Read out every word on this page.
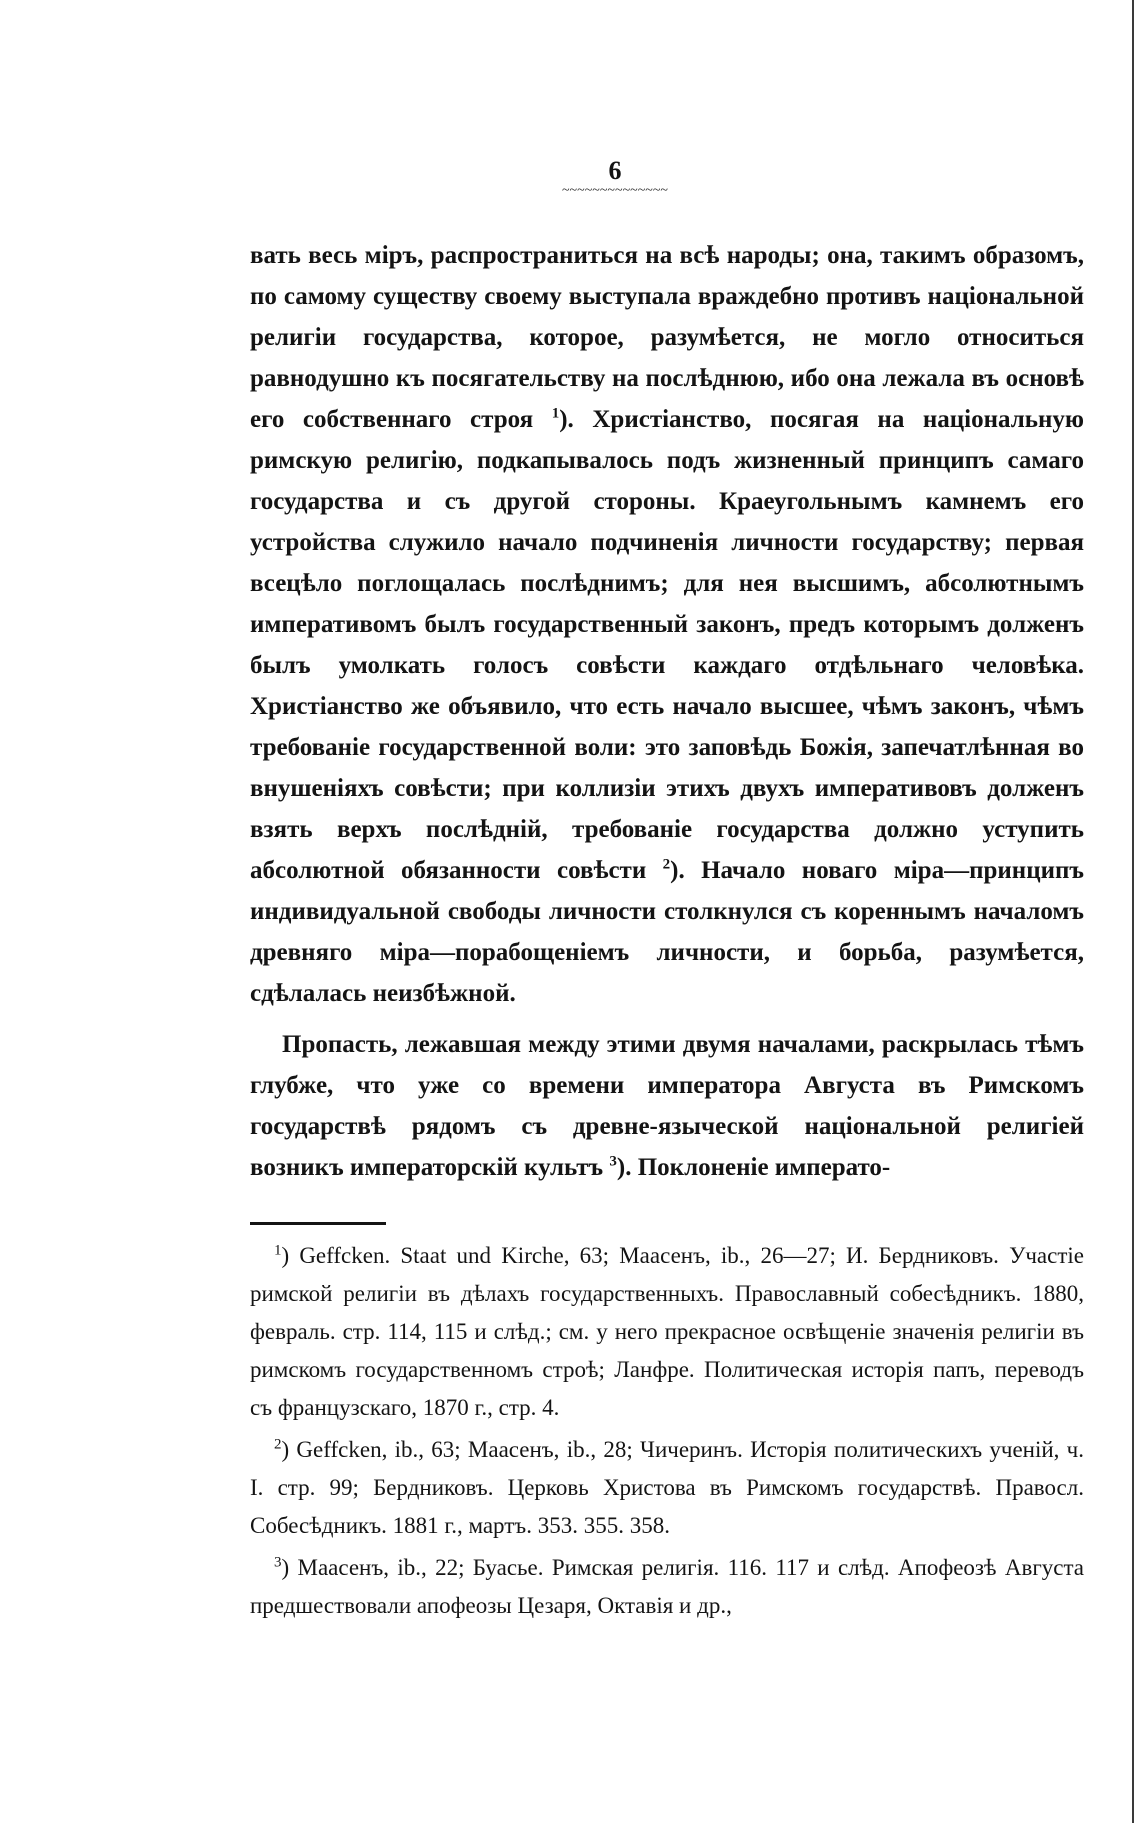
6
~~~~~~~~~~~~~~

вать весь міръ, распространиться на всѣ народы; она, такимъ образомъ, по самому существу своему выступала враждебно противъ національной религіи государства, которое, разумѣется, не могло относиться равнодушно къ посягательству на послѣднюю, ибо она лежала въ основѣ его собственнаго строя $^1$). Христіанство, посягая на національную римскую религію, подкапывалось подъ жизненный принципъ самаго государства и съ другой стороны. Краеугольнымъ камнемъ его устройства служило начало подчиненія личности государству; первая всецѣло поглощалась послѣднимъ; для нея высшимъ, абсолютнымъ императивомъ былъ государственный законъ, предъ которымъ долженъ былъ умолкать голосъ совѣсти каждаго отдѣльнаго человѣка. Христіанство же объявило, что есть начало высшее, чѣмъ законъ, чѣмъ требованіе государственной воли: это заповѣдь Божія, запечатлѣнная во внушеніяхъ совѣсти; при коллизіи этихъ двухъ императивовъ долженъ взять верхъ послѣдній, требованіе государства должно уступить абсолютной обязанности совѣсти $^2$). Начало новаго міра—принципъ индивидуальной свободы личности столкнулся съ кореннымъ началомъ древняго міра—порабощеніемъ личности, и борьба, разумѣется, сдѣлалась неизбѣжной.

Пропасть, лежавшая между этими двумя началами, раскрылась тѣмъ глубже, что уже со времени императора Августа въ Римскомъ государствѣ рядомъ съ древне-языческой національной религіей возникъ императорскій культъ $^3$). Поклоненіе императо-

$^1$) Geffcken. Staat und Kirche, 63; Маасенъ, ib., 26—27; И. Бердниковъ. Участіе римской религіи въ дѣлахъ государственныхъ. Православный собесѣдникъ. 1880, февраль. стр. 114, 115 и слѣд.; см. у него прекрасное освѣщеніе значенія религіи въ римскомъ государственномъ строѣ; Ланфре. Политическая исторія папъ, переводъ съ французскаго, 1870 г., стр. 4.

$^2$) Geffcken, ib., 63; Маасенъ, ib., 28; Чичеринъ. Исторія политическихъ ученій, ч. I. стр. 99; Бердниковъ. Церковь Христова въ Римскомъ государствѣ. Правосл. Собесѣдникъ. 1881 г., мартъ. 353. 355. 358.

$^3$) Маасенъ, ib., 22; Буасье. Римская религія. 116. 117 и слѣд. Апофеозѣ Августа предшествовали апофеозы Цезаря, Октавія и др.,
